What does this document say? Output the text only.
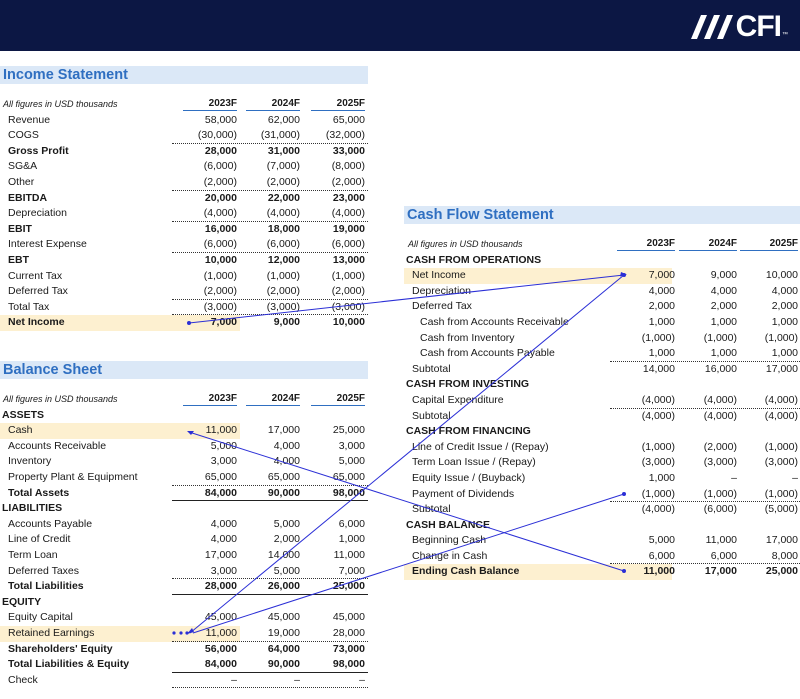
CFI ™
Income Statement
All figures in USD thousands	2023F	2024F	2025F
Revenue	58,000	62,000	65,000
COGS	(30,000)	(31,000)	(32,000)
Gross Profit	28,000	31,000	33,000
SG&A	(6,000)	(7,000)	(8,000)
Other	(2,000)	(2,000)	(2,000)
EBITDA	20,000	22,000	23,000
Depreciation	(4,000)	(4,000)	(4,000)
EBIT	16,000	18,000	19,000
Interest Expense	(6,000)	(6,000)	(6,000)
EBT	10,000	12,000	13,000
Current Tax	(1,000)	(1,000)	(1,000)
Deferred Tax	(2,000)	(2,000)	(2,000)
Total Tax	(3,000)	(3,000)	(3,000)
Net Income	7,000	9,000	10,000
Balance Sheet
All figures in USD thousands	2023F	2024F	2025F
ASSETS
Cash	11,000	17,000	25,000
Accounts Receivable	5,000	4,000	3,000
Inventory	3,000	4,000	5,000
Property Plant & Equipment	65,000	65,000	65,000
Total Assets	84,000	90,000	98,000
LIABILITIES
Accounts Payable	4,000	5,000	6,000
Line of Credit	4,000	2,000	1,000
Term Loan	17,000	14,000	11,000
Deferred Taxes	3,000	5,000	7,000
Total Liabilities	28,000	26,000	25,000
EQUITY
Equity Capital	45,000	45,000	45,000
Retained Earnings	11,000	19,000	28,000
Shareholders' Equity	56,000	64,000	73,000
Total Liabilities & Equity	84,000	90,000	98,000
Check	–	–	–
Cash Flow Statement
All figures in USD thousands	2023F	2024F	2025F
CASH FROM OPERATIONS
Net Income	7,000	9,000	10,000
Depreciation	4,000	4,000	4,000
Deferred Tax	2,000	2,000	2,000
Cash from Accounts Receivable	1,000	1,000	1,000
Cash from Inventory	(1,000)	(1,000)	(1,000)
Cash from Accounts Payable	1,000	1,000	1,000
Subtotal	14,000	16,000	17,000
CASH FROM INVESTING
Capital Expenditure	(4,000)	(4,000)	(4,000)
Subtotal	(4,000)	(4,000)	(4,000)
CASH FROM FINANCING
Line of Credit Issue / (Repay)	(1,000)	(2,000)	(1,000)
Term Loan Issue / (Repay)	(3,000)	(3,000)	(3,000)
Equity Issue / (Buyback)	1,000	–	–
Payment of Dividends	(1,000)	(1,000)	(1,000)
Subtotal	(4,000)	(6,000)	(5,000)
CASH BALANCE
Beginning Cash	5,000	11,000	17,000
Change in Cash	6,000	6,000	8,000
Ending Cash Balance	11,000	17,000	25,000
